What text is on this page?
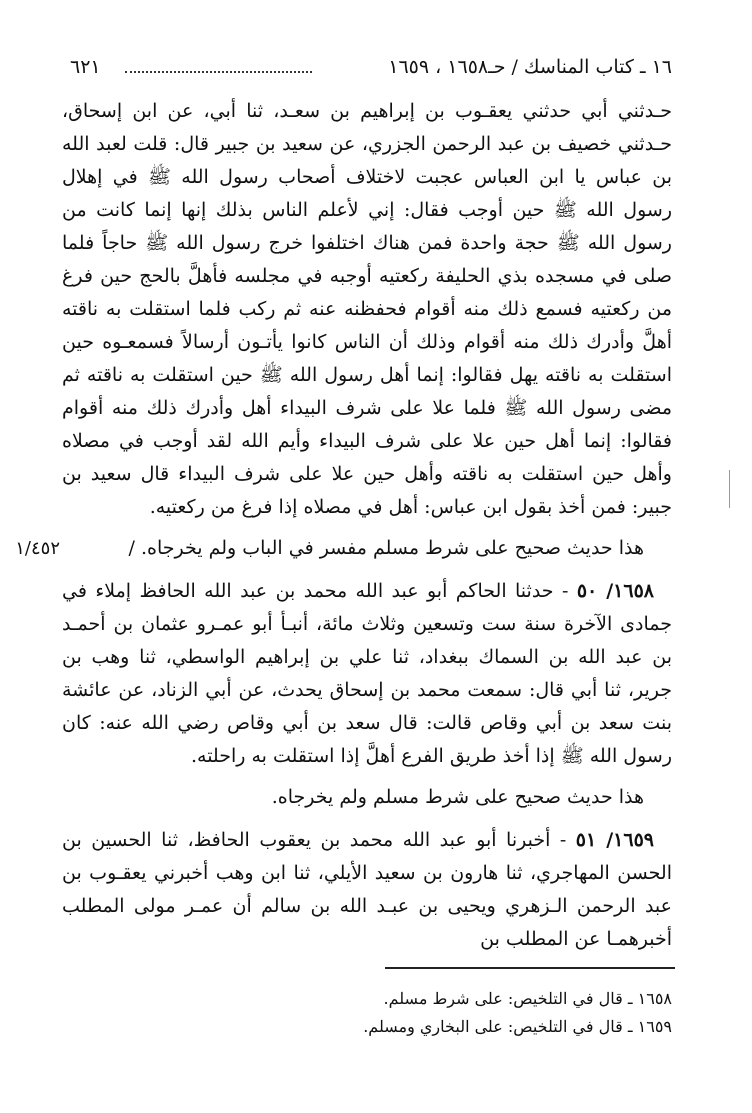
٦٢١	١٦ ـ كتاب المناسك / حـ١٦٥٨ ، ١٦٥٩

حـدثني أبي حدثني يعقـوب بن إبراهيم بن سعـد، ثنا أبي، عن ابن إسحاق، حـدثني خصيف بن عبد الرحمن الجزري، عن سعيد بن جبير قال: قلت لعبد الله بن عباس يا ابن العباس عجبت لاختلاف أصحاب رسول الله ﷺ في إهلال رسول الله ﷺ حين أوجب فقال: إني لأعلم الناس بذلك إنها إنما كانت من رسول الله ﷺ حجة واحدة فمن هناك اختلفوا خرج رسول الله ﷺ حاجاً فلما صلى في مسجده بذي الحليفة ركعتيه أوجبه في مجلسه فأهلَّ بالحج حين فرغ من ركعتيه فسمع ذلك منه أقوام فحفظنه عنه ثم ركب فلما استقلت به ناقته أهلَّ وأدرك ذلك منه أقوام وذلك أن الناس كانوا يأتـون أرسالاً فسمعـوه حين استقلت به ناقته يهل فقالوا: إنما أهل رسول الله ﷺ حين استقلت به ناقته ثم مضى رسول الله ﷺ فلما علا على شرف البيداء أهل وأدرك ذلك منه أقوام فقالوا: إنما أهل حين علا على شرف البيداء وأيم الله لقد أوجب في مصلاه وأهل حين استقلت به ناقته وأهل حين علا على شرف البيداء قال سعيد بن جبير: فمن أخذ بقول ابن عباس: أهل في مصلاه إذا فرغ من ركعتيه.

هذا حديث صحيح على شرط مسلم مفسر في الباب ولم يخرجاه. /

١/٤٥٢

١٦٥٨/ ٥٠ - حدثنا الحاكم أبو عبد الله محمد بن عبد الله الحافظ إملاء في جمادى الآخرة سنة ست وتسعين وثلاث مائة، أنبـأ أبو عمـرو عثمان بن أحمـد بن عبد الله بن السماك ببغداد، ثنا علي بن إبراهيم الواسطي، ثنا وهب بن جرير، ثنا أبي قال: سمعت محمد بن إسحاق يحدث، عن أبي الزناد، عن عائشة بنت سعد بن أبي وقاص قالت: قال سعد بن أبي وقاص رضي الله عنه: كان رسول الله ﷺ إذا أخذ طريق الفرع أهلَّ إذا استقلت به راحلته.

هذا حديث صحيح على شرط مسلم ولم يخرجاه.

١٦٥٩/ ٥١ - أخبرنا أبو عبد الله محمد بن يعقوب الحافظ، ثنا الحسين بن الحسن المهاجري، ثنا هارون بن سعيد الأيلي، ثنا ابن وهب أخبرني يعقـوب بن عبد الرحمن الـزهري ويحيى بن عبـد الله بن سالم أن عمـر مولى المطلب أخبرهمـا عن المطلب بن

١٦٥٨ ـ قال في التلخيص: على شرط مسلم.

١٦٥٩ ـ قال في التلخيص: على البخاري ومسلم.
